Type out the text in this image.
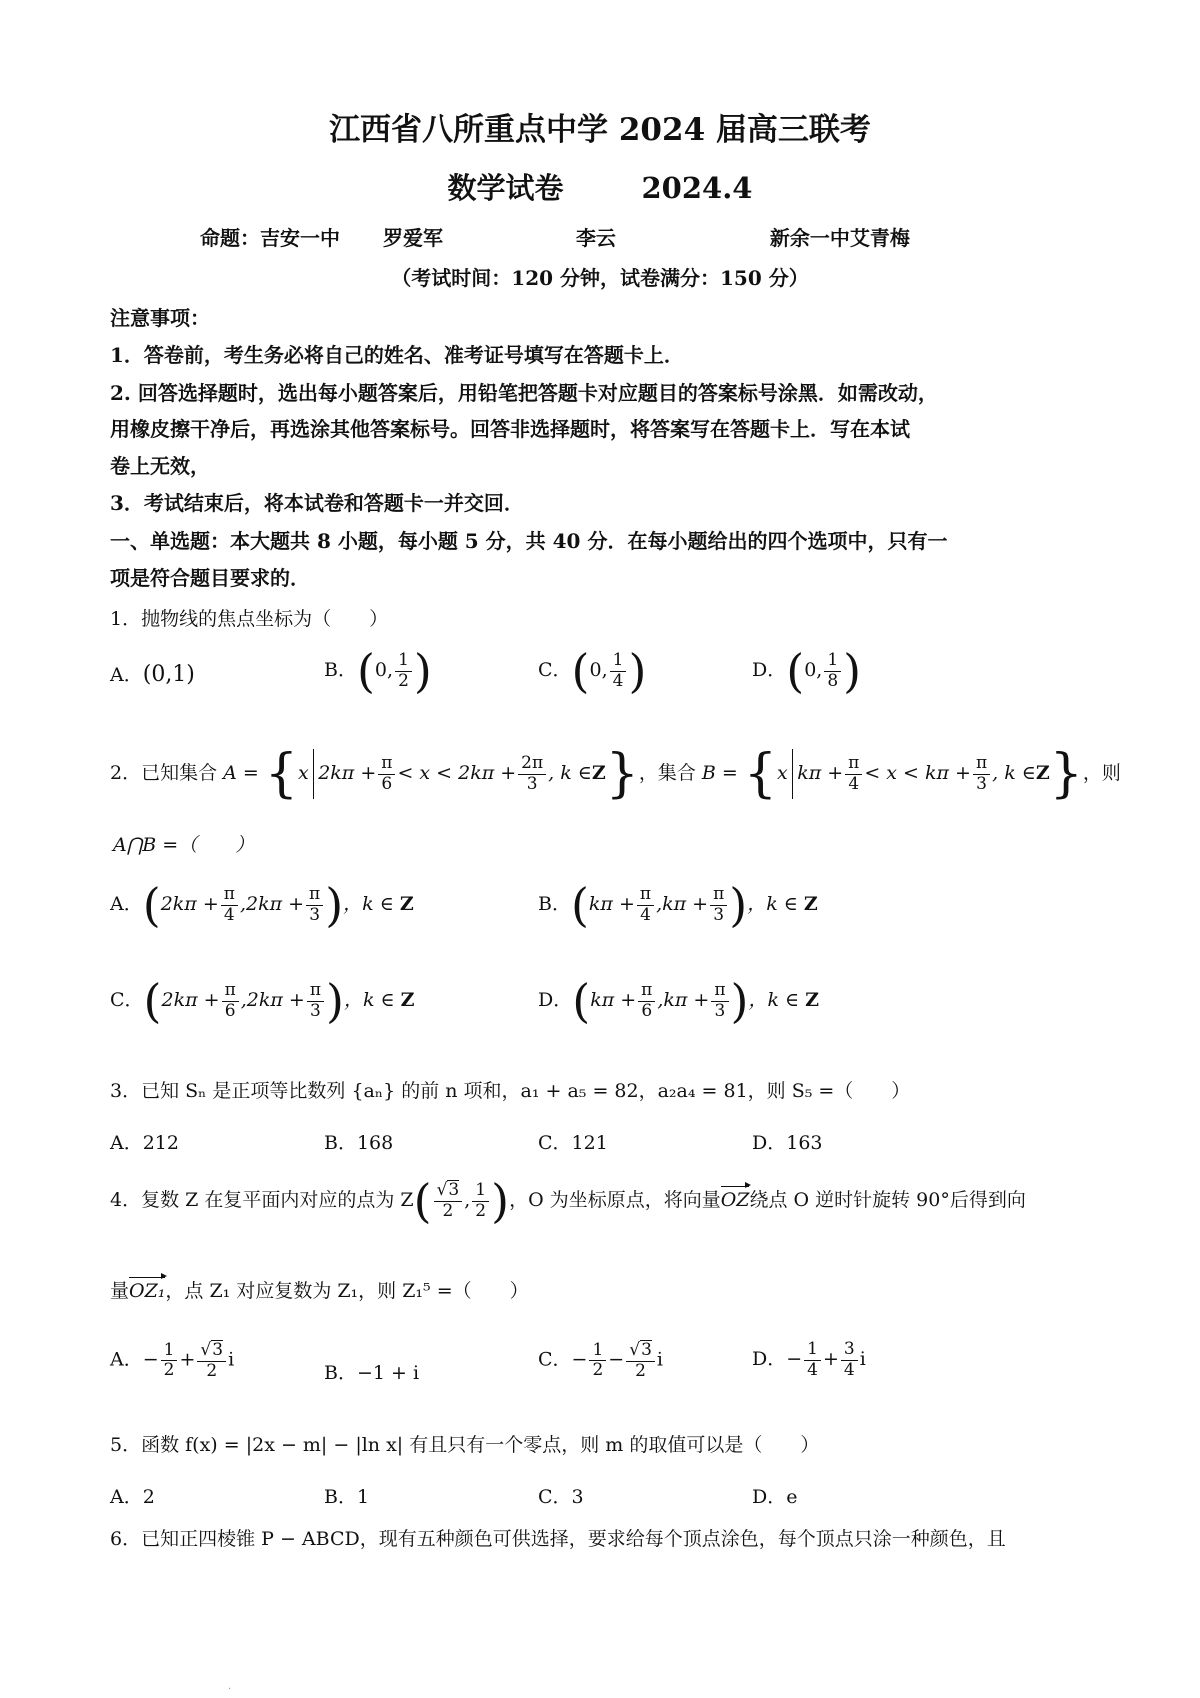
江西省八所重点中学 2024 届高三联考
数学试卷	2024.4
命题：吉安一中 罗爱军	李云	新余一中艾青梅
（考试时间：120 分钟，试卷满分：150 分）
注意事项：
1．答卷前，考生务必将自己的姓名、准考证号填写在答题卡上．
2. 回答选择题时，选出每小题答案后，用铅笔把答题卡对应题目的答案标号涂黑．如需改动，
用橡皮擦干净后，再选涂其他答案标号。回答非选择题时，将答案写在答题卡上．写在本试
卷上无效，
3．考试结束后，将本试卷和答题卡一并交回．
一、单选题：本大题共 8 小题，每小题 5 分，共 40 分．在每小题给出的四个选项中，只有一
项是符合题目要求的．
1．抛物线的焦点坐标为（　　）
A．(0,1)	B．(0, $\frac{1}{2}$ )	C．(0, $\frac{1}{4}$ )	D．(0, $\frac{1}{8}$ )
2．已知集合 A = {x $2k\pi + \frac{\pi}{6} < x < 2k\pi + \frac{2\pi}{3}$ , k ∈Z}，集合 B = {x $k\pi + \frac{\pi}{4} < x < k\pi + \frac{\pi}{3}$ , k ∈Z}，则
A⋂B =（　　）
A．($2k\pi + \frac{\pi}{4} ,2k\pi + \frac{\pi}{3}$ )，k ∈ Z	B．($k\pi + \frac{\pi}{4} ,k\pi + \frac{\pi}{3}$ )，k ∈ Z
C．($2k\pi + \frac{\pi}{6} ,2k\pi + \frac{\pi}{3}$ )，k ∈ Z	D．($k\pi + \frac{\pi}{6} ,k\pi + \frac{\pi}{3}$ )，k ∈ Z
3．已知 Sₙ 是正项等比数列 {aₙ} 的前 n 项和，a₁ + a₅ = 82，a₂a₄ = 81，则 S₅ =（　　）
A．212	B．168	C．121	D．163
4．复数 Z 在复平面内对应的点为 $Z( \frac{√3}{2}$ , $\frac{1}{2}$ )，O 为坐标原点，将向量OZ绕点 O 逆时针旋转 90°后得到向
量OZ₁，点 Z₁ 对应复数为 Z₁，则 Z₁⁵ =（　　）
A．− $\frac{1}{2} + \frac{√3}{2}$ i
B．−1 + i
C．− $\frac{1}{2} - \frac{√3}{2}$ i	D．− $\frac{1}{4} + \frac{3}{4}$ i
5．函数 f(x) = |2x − m| − |ln x| 有且只有一个零点，则 m 的取值可以是（　　）
A．2	B．1	C．3	D．e
6．已知正四棱锥 P − ABCD，现有五种颜色可供选择，要求给每个顶点涂色，每个顶点只涂一种颜色，且
·
